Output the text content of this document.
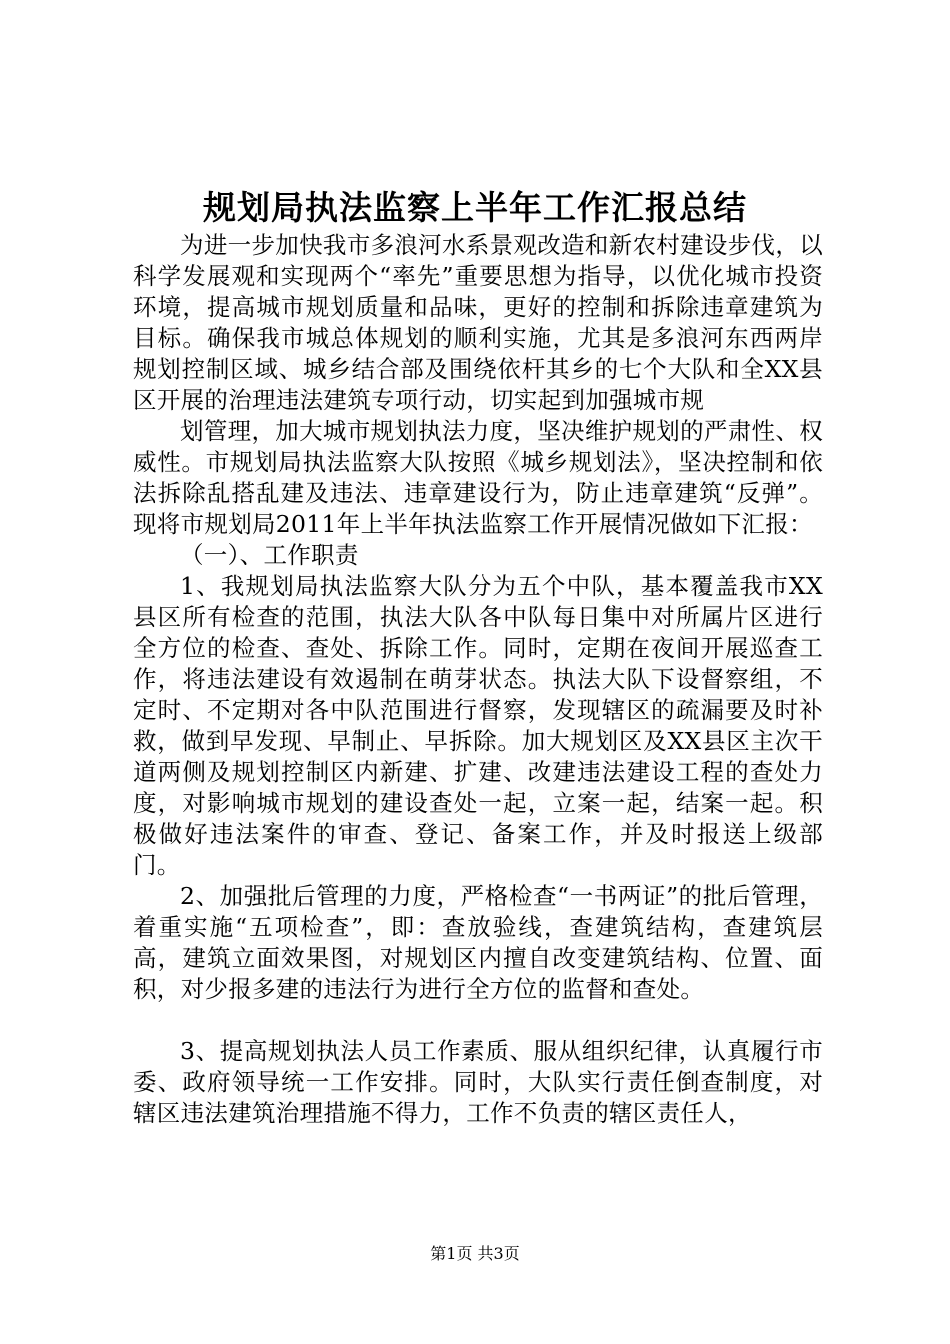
规划局执法监察上半年工作汇报总结

为进一步加快我市多浪河水系景观改造和新农村建设步伐，以科学发展观和实现两个“率先”重要思想为指导，以优化城市投资环境，提高城市规划质量和品味，更好的控制和拆除违章建筑为目标。确保我市城总体规划的顺利实施，尤其是多浪河东西两岸规划控制区域、城乡结合部及围绕依杆其乡的七个大队和全XX县区开展的治理违法建筑专项行动，切实起到加强城市规

划管理，加大城市规划执法力度，坚决维护规划的严肃性、权威性。市规划局执法监察大队按照《城乡规划法》，坚决控制和依法拆除乱搭乱建及违法、违章建设行为，防止违章建筑“反弹”。现将市规划局2011年上半年执法监察工作开展情况做如下汇报：

（一）、工作职责

1、我规划局执法监察大队分为五个中队，基本覆盖我市XX县区所有检查的范围，执法大队各中队每日集中对所属片区进行全方位的检查、查处、拆除工作。同时，定期在夜间开展巡查工作，将违法建设有效遏制在萌芽状态。执法大队下设督察组，不定时、不定期对各中队范围进行督察，发现辖区的疏漏要及时补救，做到早发现、早制止、早拆除。加大规划区及XX县区主次干道两侧及规划控制区内新建、扩建、改建违法建设工程的查处力度，对影响城市规划的建设查处一起，立案一起，结案一起。积极做好违法案件的审查、登记、备案工作，并及时报送上级部门。

2、加强批后管理的力度，严格检查“一书两证”的批后管理，着重实施“五项检查”，即：查放验线，查建筑结构，查建筑层高，建筑立面效果图，对规划区内擅自改变建筑结构、位置、面积，对少报多建的违法行为进行全方位的监督和查处。

3、提高规划执法人员工作素质、服从组织纪律，认真履行市委、政府领导统一工作安排。同时，大队实行责任倒查制度，对辖区违法建筑治理措施不得力，工作不负责的辖区责任人，

第1页 共3页
